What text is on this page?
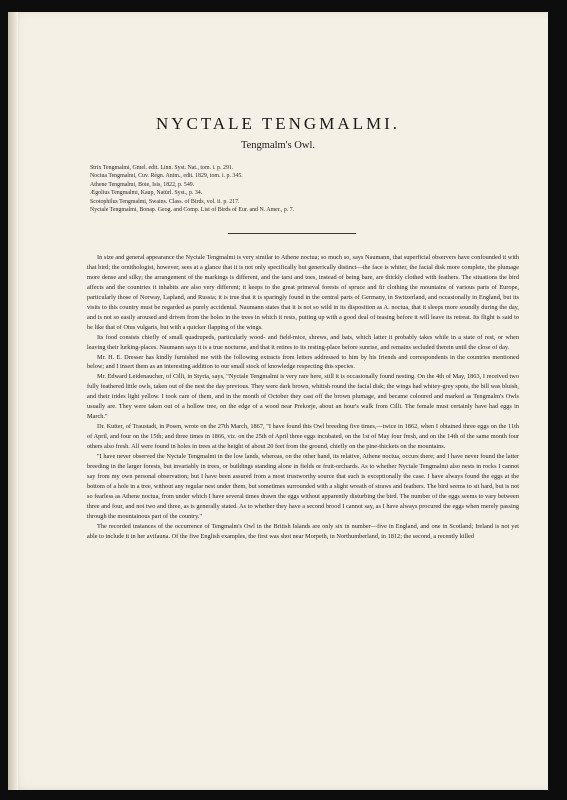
NYCTALE TENGMALMI.
Tengmalm's Owl.
Strix Tengmalmi, Gmel. edit. Linn. Syst. Nat., tom. i. p. 291.
Noctua Tengmalmi, Cuv. Règn. Anim., edit. 1829, tom. i. p. 345.
Athene Tengmalmi, Boie, Isis, 1822, p. 549.
Ægolius Tengmalmi, Kaup, Natürl. Syst., p. 34.
Scotophilus Tengmalmi, Swains. Class. of Birds, vol. ii. p. 217.
Nyctale Tengmalmi, Bonap. Geog. and Comp. List of Birds of Eur. and N. Amer., p. 7.

In size and general appearance the Nyctale Tengmalmi is very similar to Athene noctua; so much so, says Naumann, that superficial observers have confounded it with that bird; the ornithologist, however, sees at a glance that it is not only specifically but generically distinct—the face is whiter, the facial disk more complete, the plumage more dense and silky; the arrangement of the markings is different, and the tarsi and toes, instead of being bare, are thickly clothed with feathers. The situations the bird affects and the countries it inhabits are also very different; it keeps to the great primeval forests of spruce and fir clothing the mountains of various parts of Europe, particularly those of Norway, Lapland, and Russia; it is true that it is sparingly found in the central parts of Germany, in Switzerland, and occasionally in England, but its visits to this country must be regarded as purely accidental. Naumann states that it is not so wild in its disposition as A. noctua, that it sleeps more soundly during the day, and is not so easily aroused and driven from the holes in the trees in which it rests, putting up with a good deal of teasing before it will leave its retreat. Its flight is said to be like that of Otus vulgaris, but with a quicker flapping of the wings.

Its food consists chiefly of small quadrupeds, particularly wood- and field-mice, shrews, and bats, which latter it probably takes while in a state of rest, or when leaving their lurking-places. Naumann says it is a true nocturne, and that it retires to its resting-place before sunrise, and remains secluded therein until the close of day.

Mr. H. E. Dresser has kindly furnished me with the following extracts from letters addressed to him by his friends and correspondents in the countries mentioned below; and I insert them as an interesting addition to our small stock of knowledge respecting this species.

Mr. Edward Leidenaucher, of Cilli, in Styria, says, "Nyctale Tengmalmi is very rare here, still it is occasionally found nesting. On the 4th of May, 1863, I received two fully feathered little owls, taken out of the nest the day previous. They were dark brown, whitish round the facial disk; the wings had whitey-grey spots, the bill was bluish, and their irides light yellow. I took care of them, and in the month of October they cast off the brown plumage, and became coloured and marked as Tengmalm's Owls usually are. They were taken out of a hollow tree, on the edge of a wood near Prekorje, about an hour's walk from Cilli. The female must certainly have had eggs in March."

Dr. Kutter, of Traustadt, in Posen, wrote on the 27th March, 1867, "I have found this Owl breeding five times,—twice in 1862, when I obtained three eggs on the 11th of April, and four on the 15th; and three times in 1866, viz. on the 25th of April three eggs incubated, on the 1st of May four fresh, and on the 14th of the same month four others also fresh. All were found in holes in trees at the height of about 20 feet from the ground, chiefly on the pine-thickets on the mountains.

"I have never observed the Nyctale Tengmalmi in the low lands, whereas, on the other hand, its relative, Athene noctua, occurs there; and I have never found the latter breeding in the larger forests, but invariably in trees, or buildings standing alone in fields or fruit-orchards. As to whether Nyctale Tengmalmi also nests in rocks I cannot say from my own personal observation; but I have been assured from a most trustworthy source that such is exceptionally the case. I have always found the eggs at the bottom of a hole in a tree, without any regular nest under them, but sometimes surrounded with a slight wreath of straws and feathers. The bird seems to sit hard, but is not so fearless as Athene noctua, from under which I have several times drawn the eggs without apparently disturbing the bird. The number of the eggs seems to vary between three and four, and not two and three, as is generally stated. As to whether they have a second brood I cannot say, as I have always procured the eggs when merely passing through the mountainous part of the country."

The recorded instances of the occurrence of Tengmalm's Owl in the British Islands are only six in number—five in England, and one in Scotland; Ireland is not yet able to include it in her avifauna. Of the five English examples, the first was shot near Morpeth, in Northumberland, in 1812; the second, a recently killed
